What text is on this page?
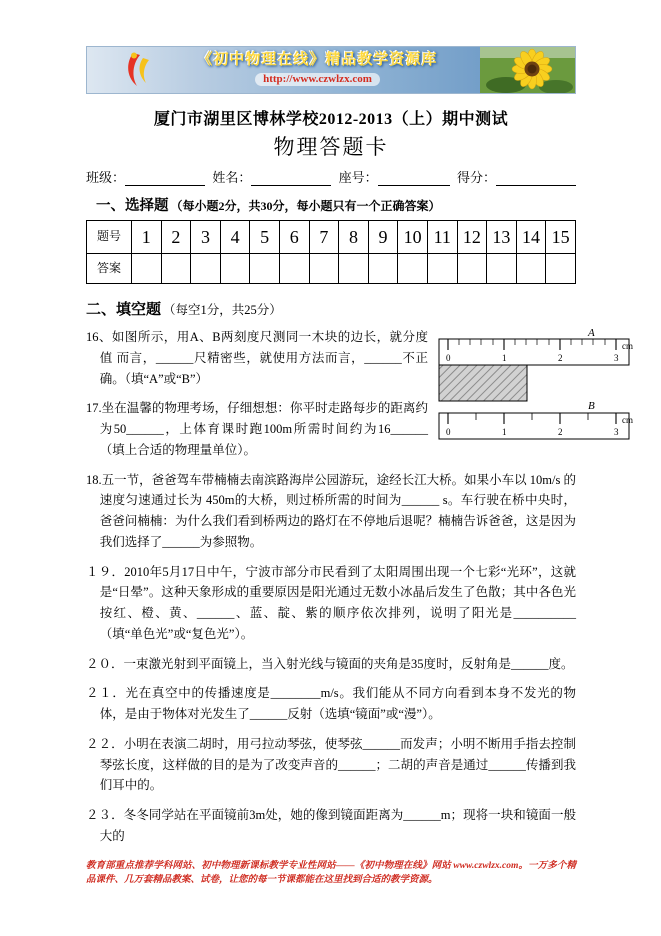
《初中物理在线》精品教学资源库
http://www.czwlzx.com
厦门市湖里区博林学校2012-2013（上）期中测试
物理答题卡
班级：	姓名：	座号：	得分：
一、选择题 （每小题2分，共30分，每小题只有一个正确答案）
题号	1	2	3	4	5	6	7	8	9	10	11	12	13	14	15
答案															
二、填空题 （每空1分，共25分）
A
0	1	2	3
cm
B
0	1	2	3
cm

16、如图所示，用A、B两刻度尺测同一木块的边长，就分度值 而言，______尺精密些，就使用方法而言，______不正确。（填“A”或“B”）

17.坐在温馨的物理考场，仔细想想：你平时走路每步的距离约为50______，上体育课时跑100m所需时间约为16______（填上合适的物理量单位）。

18.五一节，爸爸驾车带楠楠去南滨路海岸公园游玩，途经长江大桥。如果小车以 10m/s 的速度匀速通过长为 450m的大桥，则过桥所需的时间为______ s。车行驶在桥中央时，爸爸问楠楠：为什么我们看到桥两边的路灯在不停地后退呢？楠楠告诉爸爸，这是因为我们选择了______为参照物。

１９．2010年5月17日中午，宁波市部分市民看到了太阳周围出现一个七彩“光环”，这就是“日晕”。这种天象形成的重要原因是阳光通过无数小冰晶后发生了色散；其中各色光按红、橙、黄、______、蓝、靛、紫的顺序依次排列，说明了阳光是__________（填“单色光”或“复色光”）。

２０．一束激光射到平面镜上，当入射光线与镜面的夹角是35度时，反射角是______度。

２１．光在真空中的传播速度是________m/s。我们能从不同方向看到本身不发光的物体，是由于物体对光发生了______反射（选填“镜面”或“漫”）。

２２．小明在表演二胡时，用弓拉动琴弦，使琴弦______而发声；小明不断用手指去控制琴弦长度，这样做的目的是为了改变声音的______；二胡的声音是通过______传播到我们耳中的。

２３．冬冬同学站在平面镜前3m处，她的像到镜面距离为______m；现将一块和镜面一般大的

教育部重点推荐学科网站、初中物理新课标教学专业性网站——《初中物理在线》网站 www.czwlzx.com。一万多个精品课件、几万套精品教案、试卷，让您的每一节课都能在这里找到合适的教学资源。
